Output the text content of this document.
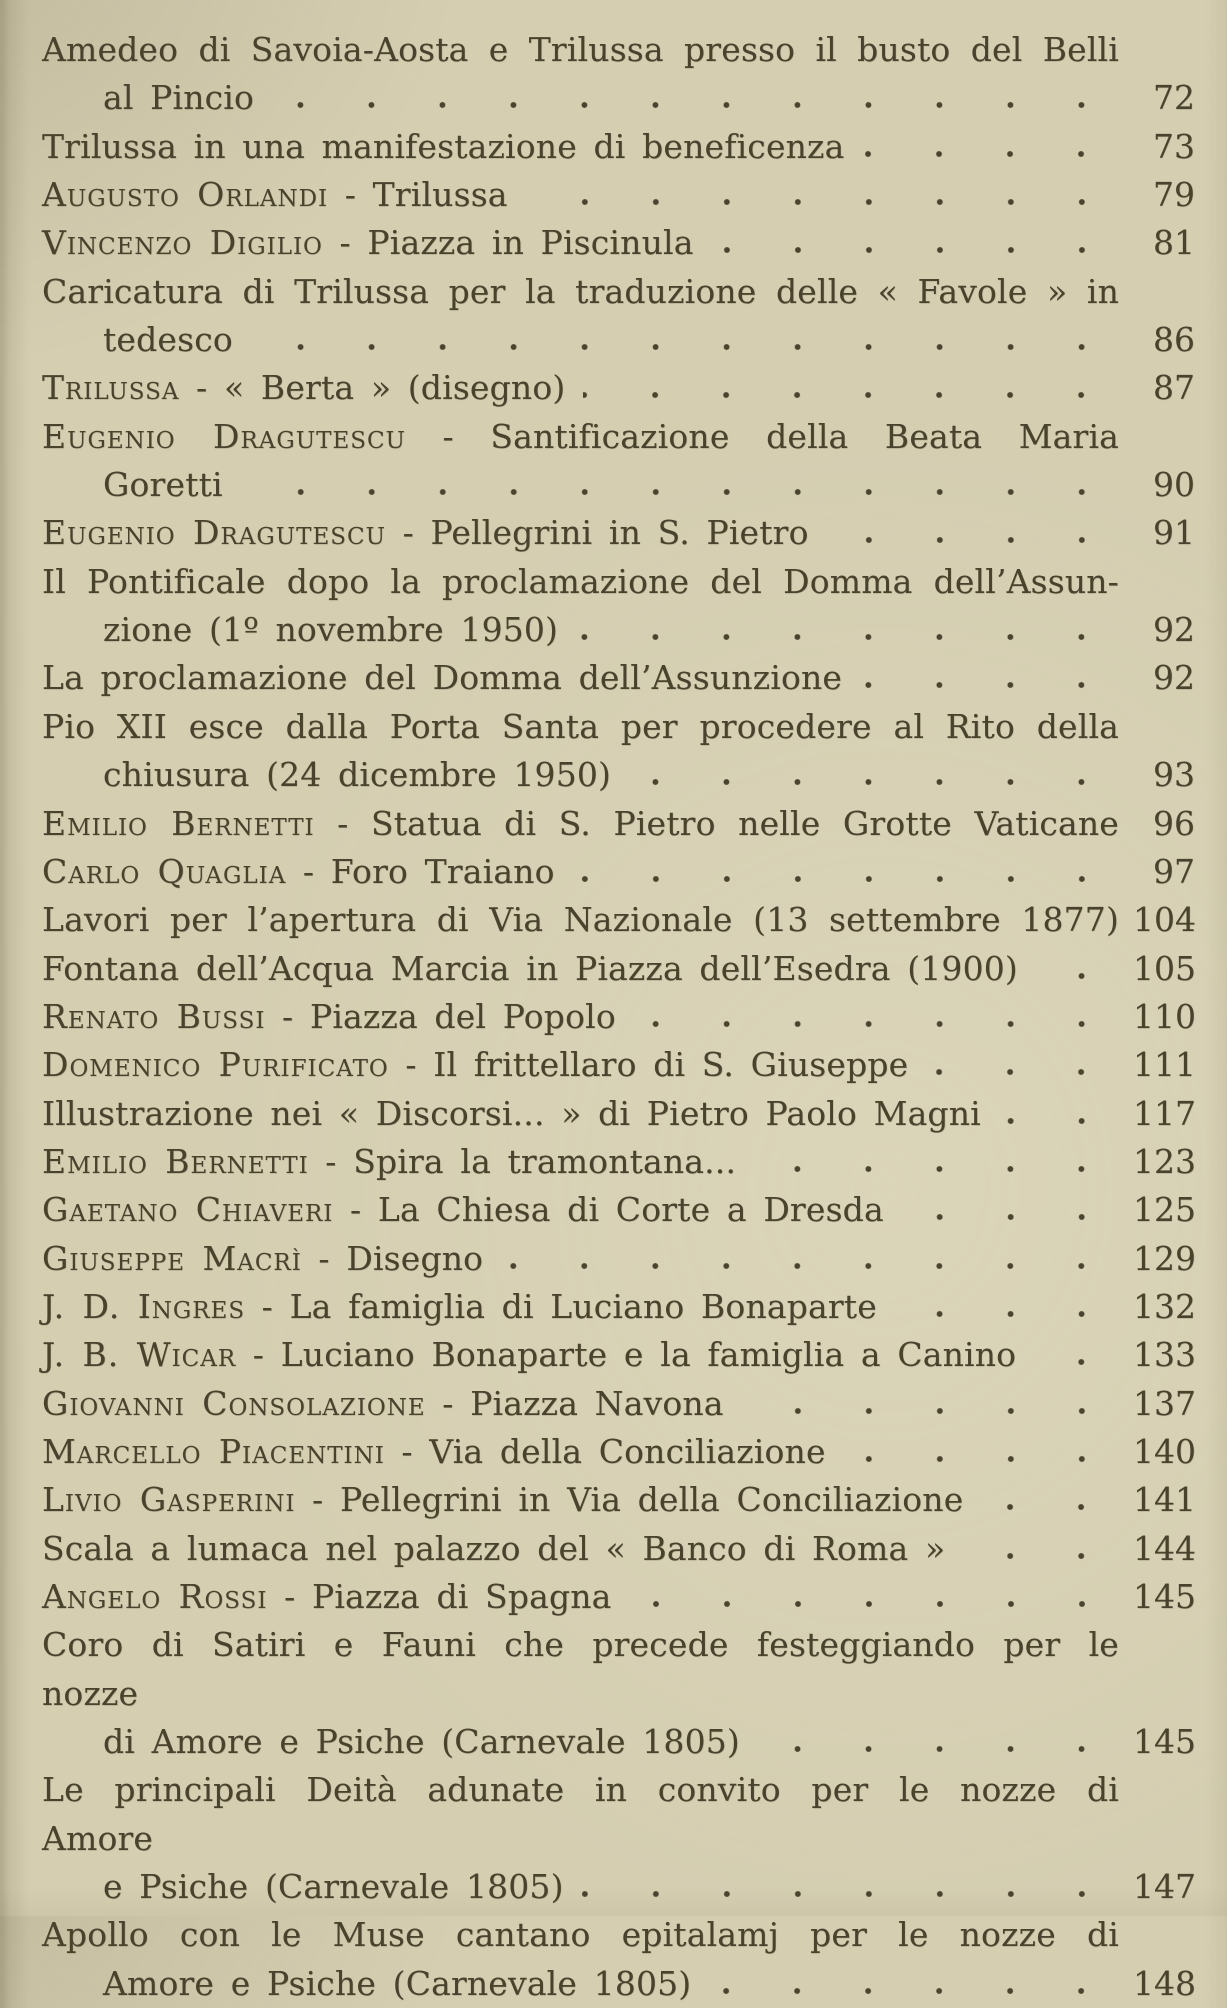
Amedeo di Savoia-Aosta e Trilussa presso il busto del Belli
al Pincio	72
Trilussa in una manifestazione di beneficenza	73
Augusto Orlandi - Trilussa	79
Vincenzo Digilio - Piazza in Piscinula	81
Caricatura di Trilussa per la traduzione delle « Favole » in
tedesco	86
Trilussa - « Berta » (disegno)	87
Eugenio Dragutescu - Santificazione della Beata Maria
Goretti	90
Eugenio Dragutescu - Pellegrini in S. Pietro	91
Il Pontificale dopo la proclamazione del Domma dell’Assun-
zione (1º novembre 1950)	92
La proclamazione del Domma dell’Assunzione	92
Pio XII esce dalla Porta Santa per procedere al Rito della
chiusura (24 dicembre 1950)	93
Emilio Bernetti - Statua di S. Pietro nelle Grotte Vaticane	96
Carlo Quaglia - Foro Traiano	97
Lavori per l’apertura di Via Nazionale (13 settembre 1877) 104
Fontana dell’Acqua Marcia in Piazza dell’Esedra (1900)	105
Renato Bussi - Piazza del Popolo	110
Domenico Purificato - Il frittellaro di S. Giuseppe	111
Illustrazione nei « Discorsi... » di Pietro Paolo Magni	117
Emilio Bernetti - Spira la tramontana...	123
Gaetano Chiaveri - La Chiesa di Corte a Dresda	125
Giuseppe Macrì - Disegno	129
J. D. Ingres - La famiglia di Luciano Bonaparte	132
J. B. Wicar - Luciano Bonaparte e la famiglia a Canino	133
Giovanni Consolazione - Piazza Navona	137
Marcello Piacentini - Via della Conciliazione	140
Livio Gasperini - Pellegrini in Via della Conciliazione	141
Scala a lumaca nel palazzo del « Banco di Roma »	144
Angelo Rossi - Piazza di Spagna	145
Coro di Satiri e Fauni che precede festeggiando per le nozze
di Amore e Psiche (Carnevale 1805)	145
Le principali Deità adunate in convito per le nozze di Amore
e Psiche (Carnevale 1805)	147
Apollo con le Muse cantano epitalamj per le nozze di
Amore e Psiche (Carnevale 1805)	148
